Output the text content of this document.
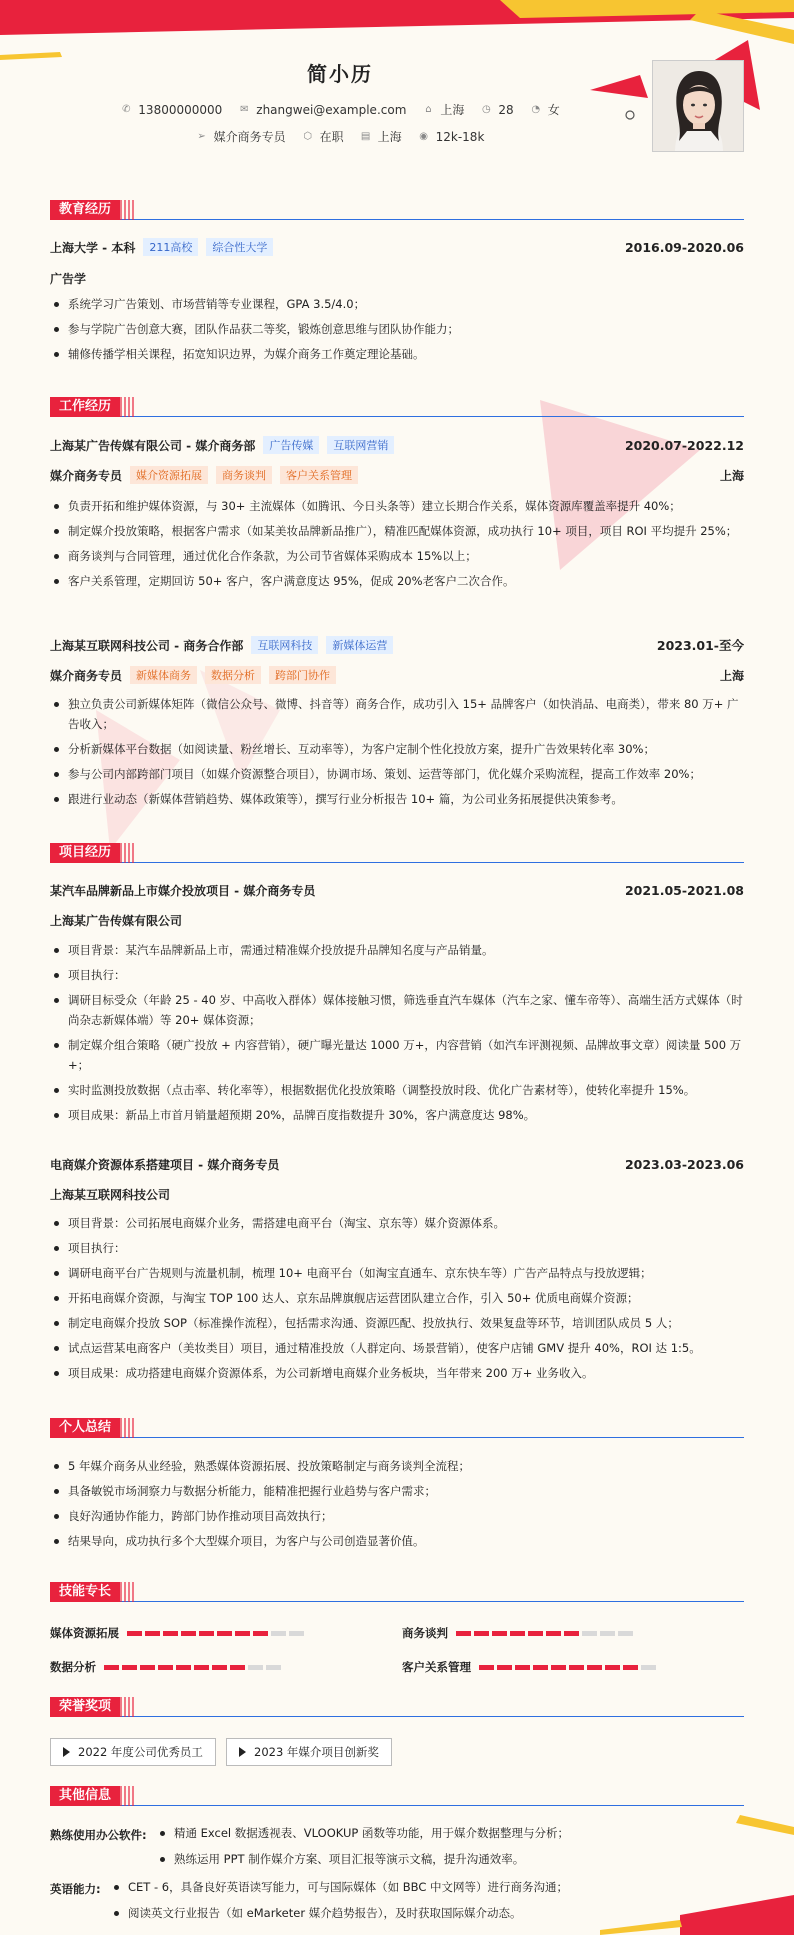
简小历
✆ 13800000000 ✉ zhangwei@example.com ⌂ 上海 ◷ 28 ◔ 女
➢ 媒介商务专员 ⬡ 在职 ▤ 上海 ◉ 12k-18k
教育经历
上海大学 - 本科	211高校	综合性大学	2016.09-2020.06
广告学
系统学习广告策划、市场营销等专业课程，GPA 3.5/4.0；
参与学院广告创意大赛，团队作品获二等奖，锻炼创意思维与团队协作能力；
辅修传播学相关课程，拓宽知识边界，为媒介商务工作奠定理论基础。
工作经历
上海某广告传媒有限公司 - 媒介商务部	广告传媒	互联网营销	2020.07-2022.12
媒介商务专员	媒介资源拓展	商务谈判	客户关系管理	上海
负责开拓和维护媒体资源，与 30+ 主流媒体（如腾讯、今日头条等）建立长期合作关系，媒体资源库覆盖率提升 40%；
制定媒介投放策略，根据客户需求（如某美妆品牌新品推广），精准匹配媒体资源，成功执行 10+ 项目，项目 ROI 平均提升 25%；
商务谈判与合同管理，通过优化合作条款，为公司节省媒体采购成本 15%以上；
客户关系管理，定期回访 50+ 客户，客户满意度达 95%，促成 20%老客户二次合作。
上海某互联网科技公司 - 商务合作部	互联网科技	新媒体运营	2023.01-至今
媒介商务专员	新媒体商务	数据分析	跨部门协作	上海
独立负责公司新媒体矩阵（微信公众号、微博、抖音等）商务合作，成功引入 15+ 品牌客户（如快消品、电商类），带来 80 万+ 广告收入；
分析新媒体平台数据（如阅读量、粉丝增长、互动率等），为客户定制个性化投放方案，提升广告效果转化率 30%；
参与公司内部跨部门项目（如媒介资源整合项目），协调市场、策划、运营等部门，优化媒介采购流程，提高工作效率 20%；
跟进行业动态（新媒体营销趋势、媒体政策等），撰写行业分析报告 10+ 篇，为公司业务拓展提供决策参考。
项目经历
某汽车品牌新品上市媒介投放项目 - 媒介商务专员	2021.05-2021.08
上海某广告传媒有限公司
项目背景：某汽车品牌新品上市，需通过精准媒介投放提升品牌知名度与产品销量。
项目执行：
调研目标受众（年龄 25 - 40 岁、中高收入群体）媒体接触习惯，筛选垂直汽车媒体（汽车之家、懂车帝等）、高端生活方式媒体（时尚杂志新媒体端）等 20+ 媒体资源；
制定媒介组合策略（硬广投放 + 内容营销），硬广曝光量达 1000 万+，内容营销（如汽车评测视频、品牌故事文章）阅读量 500 万+；
实时监测投放数据（点击率、转化率等），根据数据优化投放策略（调整投放时段、优化广告素材等），使转化率提升 15%。
项目成果：新品上市首月销量超预期 20%，品牌百度指数提升 30%，客户满意度达 98%。
电商媒介资源体系搭建项目 - 媒介商务专员	2023.03-2023.06
上海某互联网科技公司
项目背景：公司拓展电商媒介业务，需搭建电商平台（淘宝、京东等）媒介资源体系。
项目执行：
调研电商平台广告规则与流量机制，梳理 10+ 电商平台（如淘宝直通车、京东快车等）广告产品特点与投放逻辑；
开拓电商媒介资源，与淘宝 TOP 100 达人、京东品牌旗舰店运营团队建立合作，引入 50+ 优质电商媒介资源；
制定电商媒介投放 SOP（标准操作流程），包括需求沟通、资源匹配、投放执行、效果复盘等环节，培训团队成员 5 人；
试点运营某电商客户（美妆类目）项目，通过精准投放（人群定向、场景营销），使客户店铺 GMV 提升 40%，ROI 达 1:5。
项目成果：成功搭建电商媒介资源体系，为公司新增电商媒介业务板块，当年带来 200 万+ 业务收入。
个人总结
5 年媒介商务从业经验，熟悉媒体资源拓展、投放策略制定与商务谈判全流程；
具备敏锐市场洞察力与数据分析能力，能精准把握行业趋势与客户需求；
良好沟通协作能力，跨部门协作推动项目高效执行；
结果导向，成功执行多个大型媒介项目，为客户与公司创造显著价值。
技能专长
媒体资源拓展	商务谈判
数据分析	客户关系管理
荣誉奖项
2022 年度公司优秀员工	2023 年媒介项目创新奖
其他信息
熟练使用办公软件:	精通 Excel 数据透视表、VLOOKUP 函数等功能，用于媒介数据整理与分析；
熟练运用 PPT 制作媒介方案、项目汇报等演示文稿，提升沟通效率。
英语能力:	CET - 6，具备良好英语读写能力，可与国际媒体（如 BBC 中文网等）进行商务沟通；
阅读英文行业报告（如 eMarketer 媒介趋势报告），及时获取国际媒介动态。
